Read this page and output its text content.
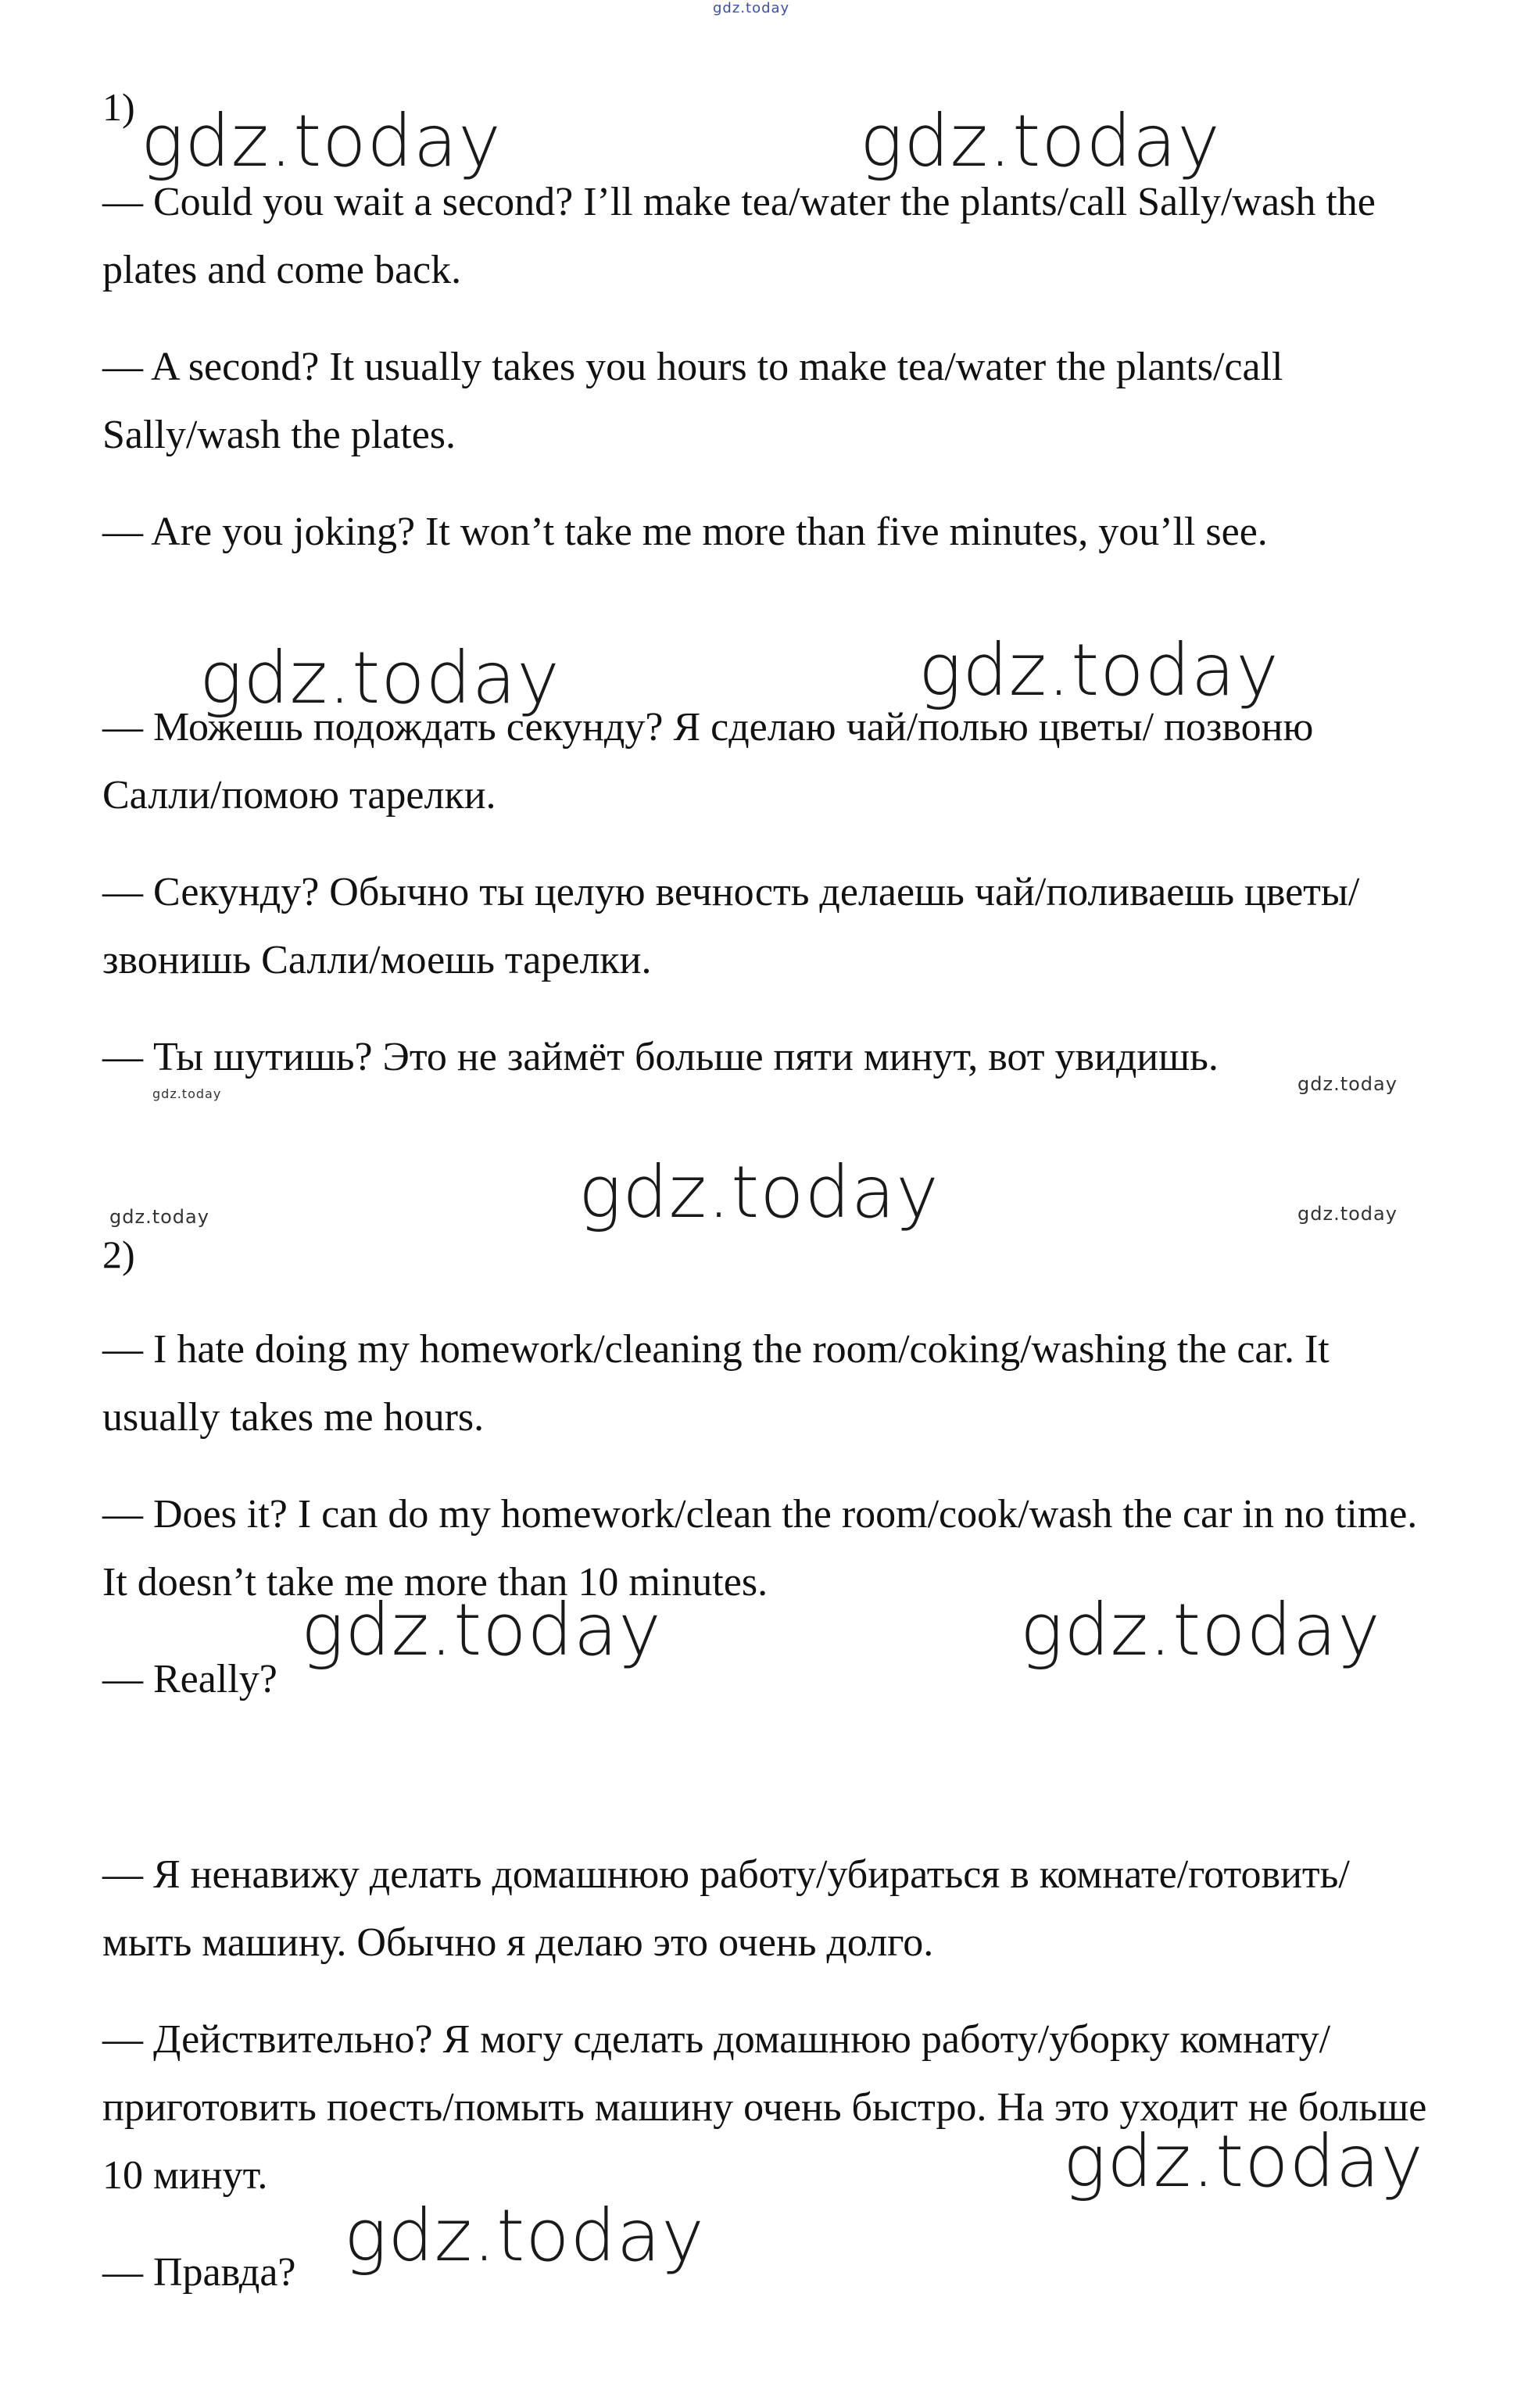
gdz.today
1)

— Could you wait a second? I’ll make tea/water the plants/call Sally/wash the plates and come back.

— A second? It usually takes you hours to make tea/water the plants/call Sally/wash the plates.

— Are you joking? It won’t take me more than five minutes, you’ll see.

— Можешь подождать секунду? Я сделаю чай/полью цветы/ позвоню Салли/помою тарелки.

— Секунду? Обычно ты целую вечность делаешь чай/поливаешь цветы/звонишь Салли/моешь тарелки.

— Ты шутишь? Это не займёт больше пяти минут, вот увидишь.

2)

— I hate doing my homework/cleaning the room/coking/washing the car. It usually takes me hours.

— Does it? I can do my homework/clean the room/cook/wash the car in no time. It doesn’t take me more than 10 minutes.

— Really?

— Я ненавижу делать домашнюю работу/убираться в комнате/готовить/мыть машину. Обычно я делаю это очень долго.

— Действительно? Я могу сделать домашнюю работу/уборку комнату/приготовить поесть/помыть машину очень быстро. На это уходит не больше 10 минут.

— Правда?

gdz.today	gdz.today
gdz.today	gdz.today
gdz.today
gdz.today	gdz.today
gdz.today
gdz.today
gdz.today
gdz.today	gdz.today
gdz.today
